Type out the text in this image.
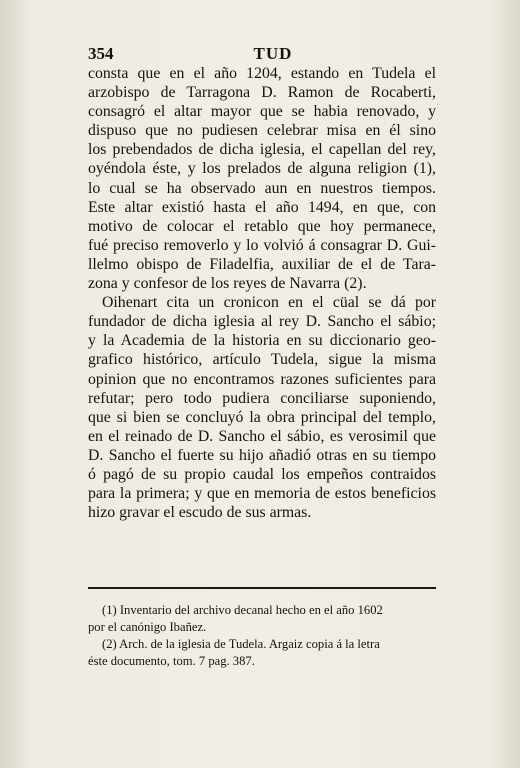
354	TUD

consta que en el año 1204, estando en Tudela el

arzobispo de Tarragona D. Ramon de Rocaberti,

consagró el altar mayor que se habia renovado, y

dispuso que no pudiesen celebrar misa en él sino

los prebendados de dicha iglesia, el capellan del rey,

oyéndola éste, y los prelados de alguna religion (1),

lo cual se ha observado aun en nuestros tiempos.

Este altar existió hasta el año 1494, en que, con

motivo de colocar el retablo que hoy permanece,

fué preciso removerlo y lo volvió á consagrar D. Gui-

llelmo obispo de Filadelfia, auxiliar de el de Tara-

zona y confesor de los reyes de Navarra (2).

Oihenart cita un cronicon en el cüal se dá por

fundador de dicha iglesia al rey D. Sancho el sábio;

y la Academia de la historia en su diccionario geo-

grafico histórico, artículo Tudela, sigue la misma

opinion que no encontramos razones suficientes para

refutar; pero todo pudiera conciliarse suponiendo,

que si bien se concluyó la obra principal del templo,

en el reinado de D. Sancho el sábio, es verosimil que

D. Sancho el fuerte su hijo añadió otras en su tiempo

ó pagó de su propio caudal los empeños contraidos

para la primera; y que en memoria de estos beneficios

hizo gravar el escudo de sus armas.

(1) Inventario del archivo decanal hecho en el año 1602

por el canónigo Ibañez.

(2) Arch. de la iglesia de Tudela. Argaiz copia á la letra

éste documento, tom. 7 pag. 387.
